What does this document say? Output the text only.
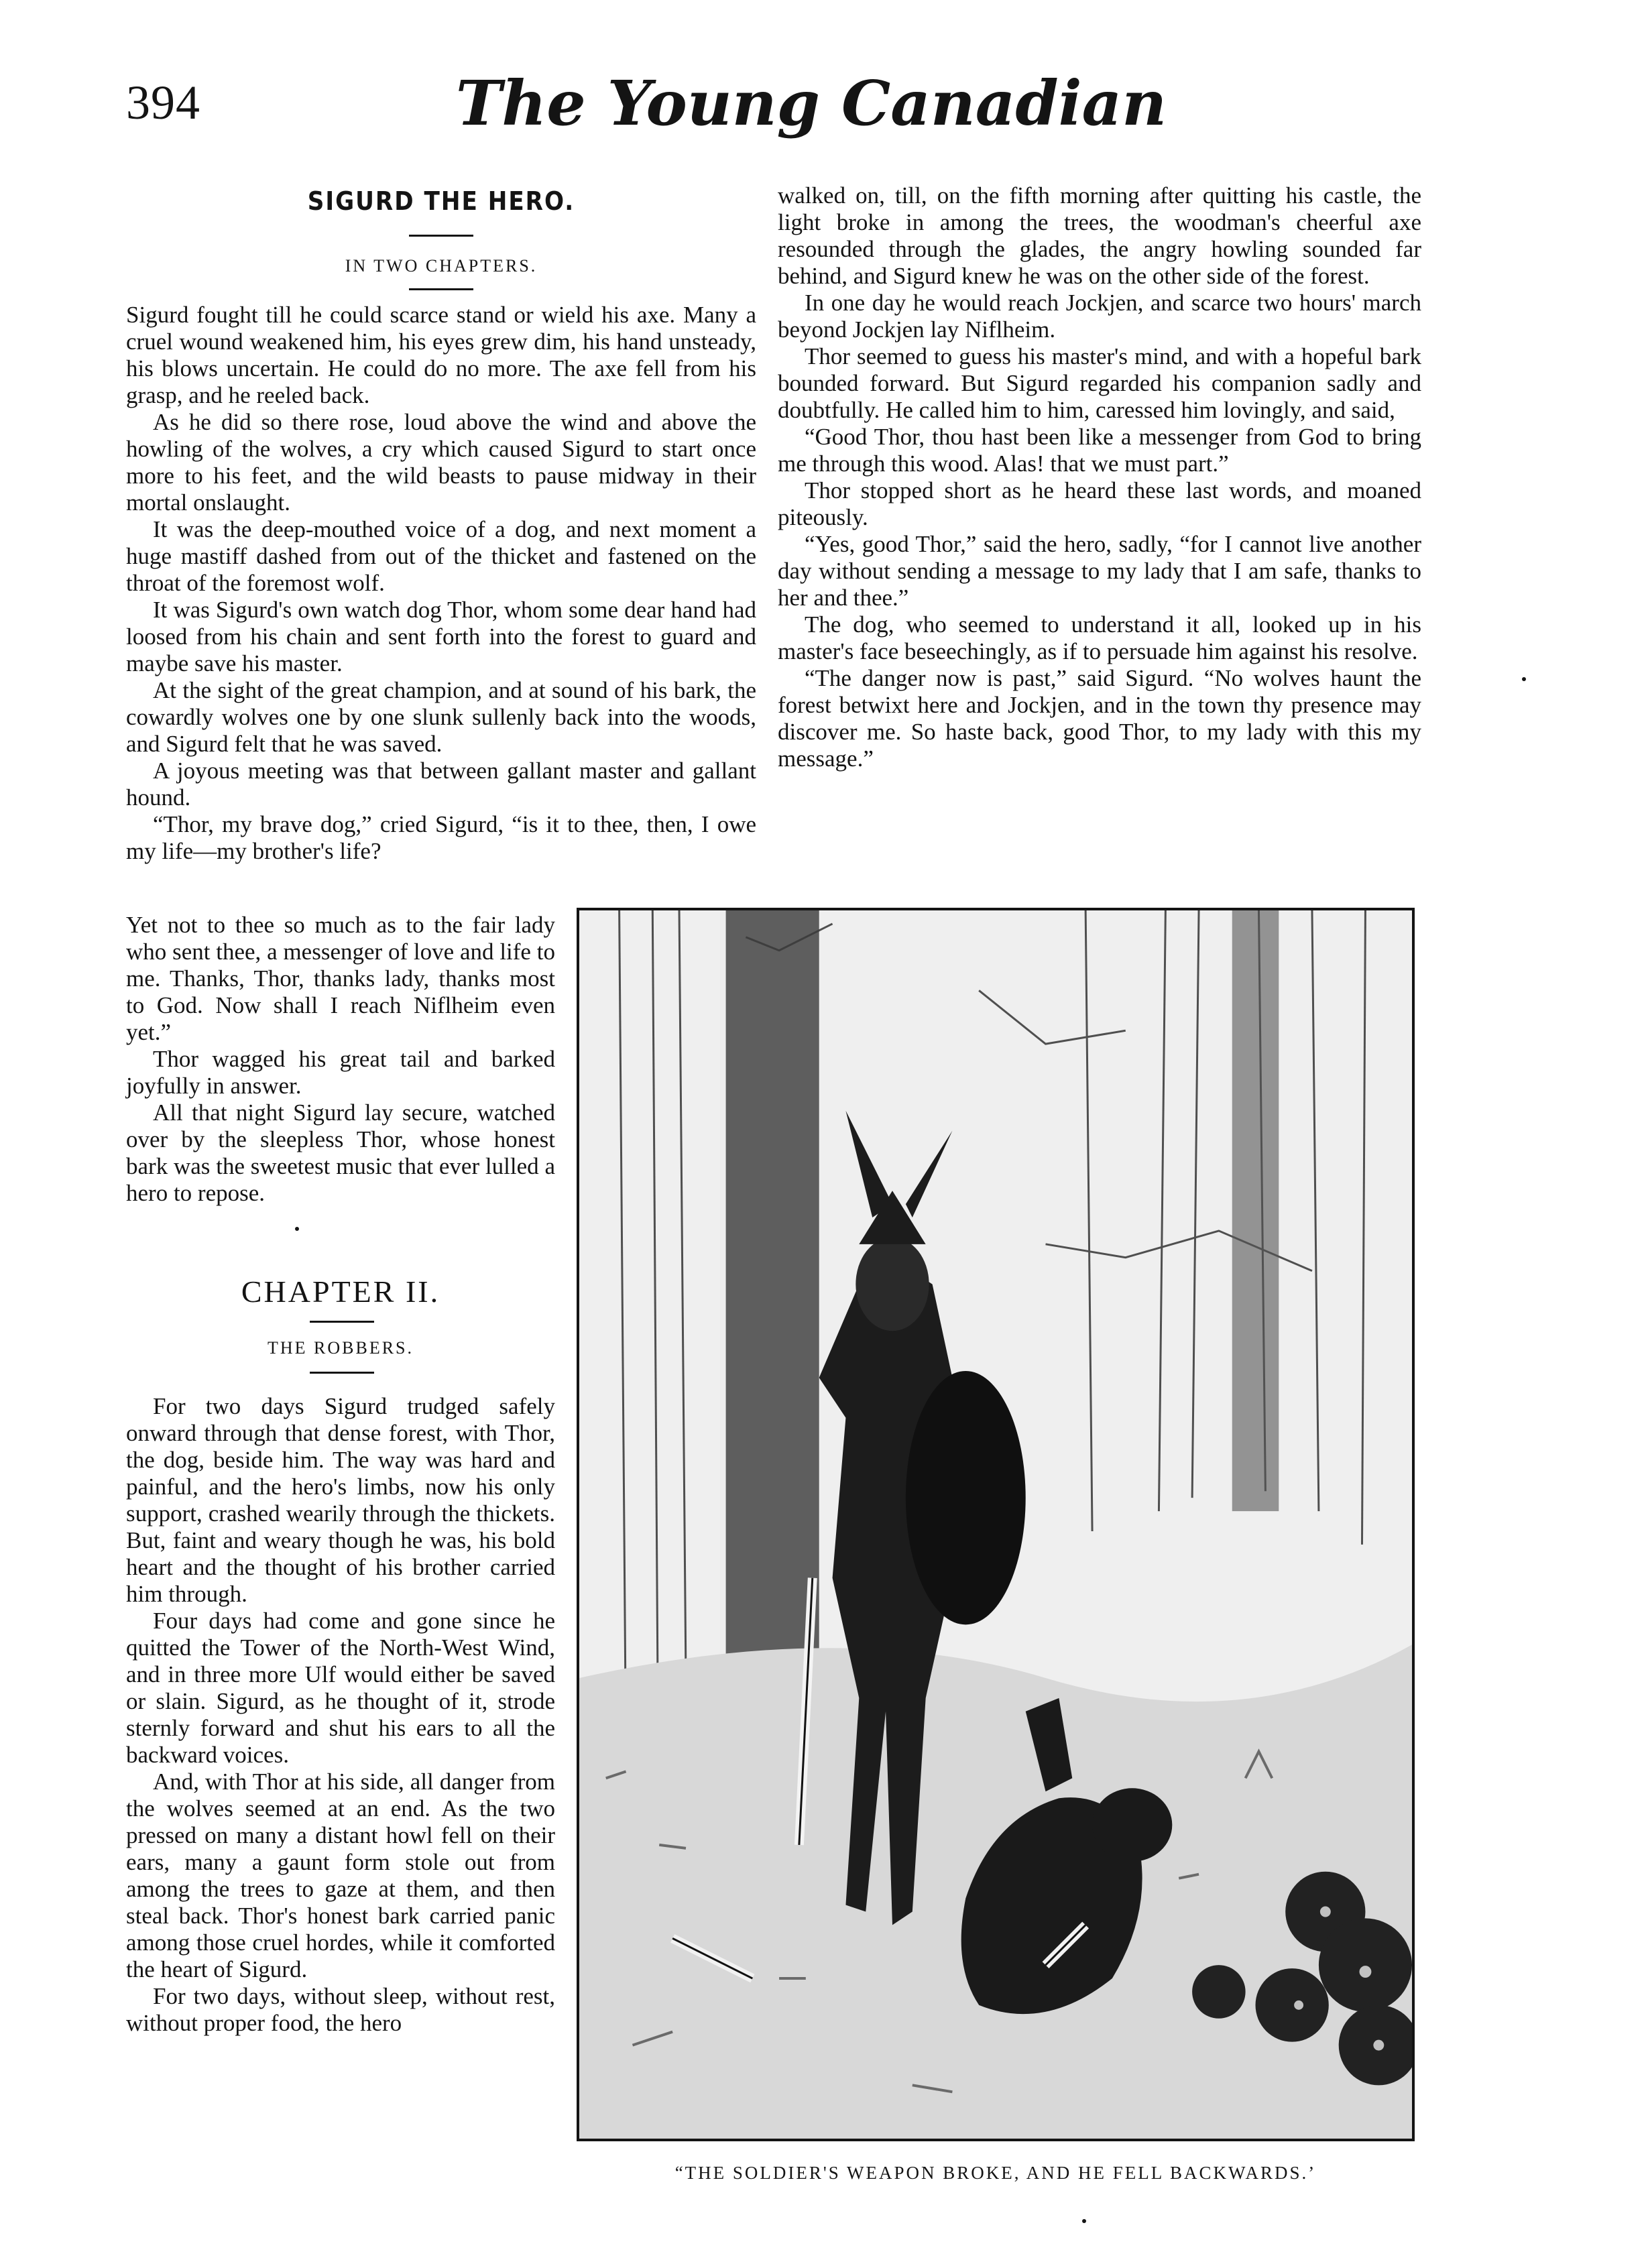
394	The Young Canadian
SIGURD THE HERO.
IN TWO CHAPTERS.

Sigurd fought till he could scarce stand or wield his axe. Many a cruel wound weakened him, his eyes grew dim, his hand unsteady, his blows uncertain. He could do no more. The axe fell from his grasp, and he reeled back.

As he did so there rose, loud above the wind and above the howling of the wolves, a cry which caused Sigurd to start once more to his feet, and the wild beasts to pause midway in their mortal onslaught.

It was the deep-mouthed voice of a dog, and next moment a huge mastiff dashed from out of the thicket and fastened on the throat of the foremost wolf.

It was Sigurd's own watch dog Thor, whom some dear hand had loosed from his chain and sent forth into the forest to guard and maybe save his master.

At the sight of the great champion, and at sound of his bark, the cowardly wolves one by one slunk sullenly back into the woods, and Sigurd felt that he was saved.

A joyous meeting was that between gallant master and gallant hound.

“Thor, my brave dog,” cried Sigurd, “is it to thee, then, I owe my life—my brother's life?

Yet not to thee so much as to the fair lady who sent thee, a messenger of love and life to me. Thanks, Thor, thanks lady, thanks most to God. Now shall I reach Niflheim even yet.”

Thor wagged his great tail and barked joyfully in answer.

All that night Sigurd lay secure, watched over by the sleepless Thor, whose honest bark was the sweetest music that ever lulled a hero to repose.

CHAPTER II.
THE ROBBERS.

For two days Sigurd trudged safely onward through that dense forest, with Thor, the dog, beside him. The way was hard and painful, and the hero's limbs, now his only support, crashed wearily through the thickets. But, faint and weary though he was, his bold heart and the thought of his brother carried him through.

Four days had come and gone since he quitted the Tower of the North-West Wind, and in three more Ulf would either be saved or slain. Sigurd, as he thought of it, strode sternly forward and shut his ears to all the backward voices.

And, with Thor at his side, all danger from the wolves seemed at an end. As the two pressed on many a distant howl fell on their ears, many a gaunt form stole out from among the trees to gaze at them, and then steal back. Thor's honest bark carried panic among those cruel hordes, while it comforted the heart of Sigurd.

For two days, without sleep, without rest, without proper food, the hero

walked on, till, on the fifth morning after quitting his castle, the light broke in among the trees, the woodman's cheerful axe resounded through the glades, the angry howling sounded far behind, and Sigurd knew he was on the other side of the forest.

In one day he would reach Jockjen, and scarce two hours' march beyond Jockjen lay Niflheim.

Thor seemed to guess his master's mind, and with a hopeful bark bounded forward. But Sigurd regarded his companion sadly and doubtfully. He called him to him, caressed him lovingly, and said,

“Good Thor, thou hast been like a messenger from God to bring me through this wood. Alas! that we must part.”

Thor stopped short as he heard these last words, and moaned piteously.

“Yes, good Thor,” said the hero, sadly, “for I cannot live another day without sending a message to my lady that I am safe, thanks to her and thee.”

The dog, who seemed to understand it all, looked up in his master's face beseechingly, as if to persuade him against his resolve.

“The danger now is past,” said Sigurd. “No wolves haunt the forest betwixt here and Jockjen, and in the town thy presence may discover me. So haste back, good Thor, to my lady with this my message.”

“THE SOLDIER'S WEAPON BROKE, AND HE FELL BACKWARDS.’
